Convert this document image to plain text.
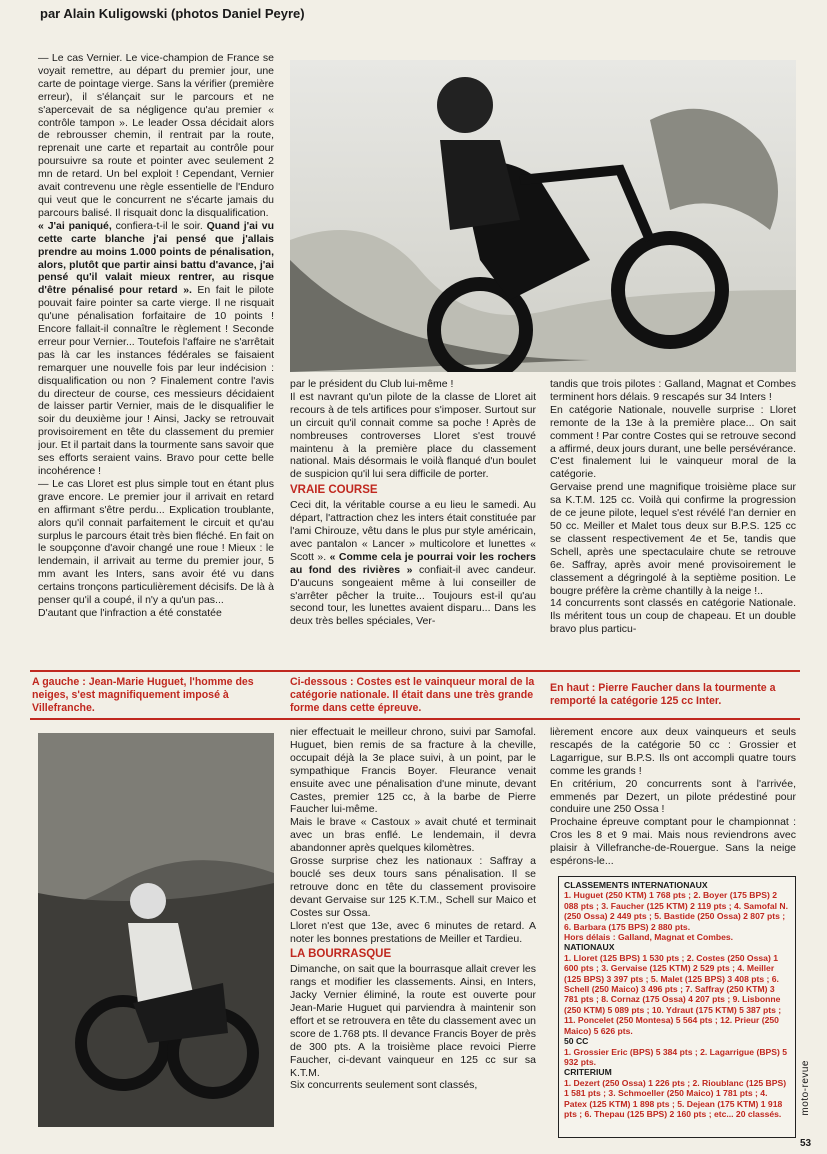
par Alain Kuligowski (photos Daniel Peyre)

— Le cas Vernier. Le vice-champion de France se voyait remettre, au départ du premier jour, une carte de pointage vierge. Sans la vérifier (première erreur), il s'élançait sur le parcours et ne s'apercevait de sa négligence qu'au premier « contrôle tampon ». Le leader Ossa décidait alors de rebrousser chemin, il rentrait par la route, reprenait une carte et repartait au contrôle pour poursuivre sa route et pointer avec seulement 2 mn de retard. Un bel exploit ! Cependant, Vernier avait contrevenu une règle essentielle de l'Enduro qui veut que le concurrent ne s'écarte jamais du parcours balisé. Il risquait donc la disqualification.

« J'ai paniqué, confiera-t-il le soir. Quand j'ai vu cette carte blanche j'ai pensé que j'allais prendre au moins 1.000 points de pénalisation, alors, plutôt que partir ainsi battu d'avance, j'ai pensé qu'il valait mieux rentrer, au risque d'être pénalisé pour retard ». En fait le pilote pouvait faire pointer sa carte vierge. Il ne risquait qu'une pénalisation forfaitaire de 10 points ! Encore fallait-il connaître le règlement ! Seconde erreur pour Vernier... Toutefois l'affaire ne s'arrêtait pas là car les instances fédérales se faisaient remarquer une nouvelle fois par leur indécision : disqualification ou non ? Finalement contre l'avis du directeur de course, ces messieurs décidaient de laisser partir Vernier, mais de le disqualifier le soir du deuxième jour ! Ainsi, Jacky se retrouvait provisoirement en tête du classement du premier jour. Et il partait dans la tourmente sans savoir que ses efforts seraient vains. Bravo pour cette belle incohérence !

— Le cas Lloret est plus simple tout en étant plus grave encore. Le premier jour il arrivait en retard en affirmant s'être perdu... Explication troublante, alors qu'il connait parfaitement le circuit et qu'au surplus le parcours était très bien fléché. En fait on le soupçonne d'avoir changé une roue ! Mieux : le lendemain, il arrivait au terme du premier jour, 5 mm avant les Inters, sans avoir été vu dans certains tronçons particulièrement décisifs. De là à penser qu'il a coupé, il n'y a qu'un pas...

D'autant que l'infraction a été constatée

par le président du Club lui-même !

Il est navrant qu'un pilote de la classe de Lloret ait recours à de tels artifices pour s'imposer. Surtout sur un circuit qu'il connait comme sa poche ! Après de nombreuses controverses Lloret s'est trouvé maintenu à la première place du classement national. Mais désormais le voilà flanqué d'un boulet de suspicion qu'il lui sera difficile de porter.

VRAIE COURSE

Ceci dit, la véritable course a eu lieu le samedi. Au départ, l'attraction chez les inters était constituée par l'ami Chirouze, vêtu dans le plus pur style américain, avec pantalon « Lancer » multicolore et lunettes « Scott ». « Comme cela je pourrai voir les rochers au fond des rivières » confiait-il avec candeur. D'aucuns songeaient même à lui conseiller de s'arrêter pêcher la truite... Toujours est-il qu'au second tour, les lunettes avaient disparu... Dans les deux très belles spéciales, Ver-

tandis que trois pilotes : Galland, Magnat et Combes terminent hors délais. 9 rescapés sur 34 Inters !

En catégorie Nationale, nouvelle surprise : Lloret remonte de la 13e à la première place... On sait comment ! Par contre Costes qui se retrouve second a affirmé, deux jours durant, une belle persévérance. C'est finalement lui le vainqueur moral de la catégorie.

Gervaise prend une magnifique troisième place sur sa K.T.M. 125 cc. Voilà qui confirme la progression de ce jeune pilote, lequel s'est révélé l'an dernier en 50 cc. Meiller et Malet tous deux sur B.P.S. 125 cc se classent respectivement 4e et 5e, tandis que Schell, après une spectaculaire chute se retrouve 6e. Saffray, après avoir mené provisoirement le classement a dégringolé à la septième position. Le bougre préfère la crème chantilly à la neige !..

14 concurrents sont classés en catégorie Nationale. Ils méritent tous un coup de chapeau. Et un double bravo plus particu-

A gauche : Jean-Marie Huguet, l'homme des neiges, s'est magnifiquement imposé à Villefranche.
Ci-dessous : Costes est le vainqueur moral de la catégorie nationale. Il était dans une très grande forme dans cette épreuve.
En haut : Pierre Faucher dans la tourmente a remporté la catégorie 125 cc Inter.

nier effectuait le meilleur chrono, suivi par Samofal. Huguet, bien remis de sa fracture à la cheville, occupait déjà la 3e place suivi, à un point, par le sympathique Francis Boyer. Fleurance venait ensuite avec une pénalisation d'une minute, devant Castes, premier 125 cc, à la barbe de Pierre Faucher lui-même.

Mais le brave « Castoux » avait chuté et terminait avec un bras enflé. Le lendemain, il devra abandonner après quelques kilomètres.

Grosse surprise chez les nationaux : Saffray a bouclé ses deux tours sans pénalisation. Il se retrouve donc en tête du classement provisoire devant Gervaise sur 125 K.T.M., Schell sur Maico et Costes sur Ossa.

Lloret n'est que 13e, avec 6 minutes de retard. A noter les bonnes prestations de Meiller et Tardieu.

LA BOURRASQUE

Dimanche, on sait que la bourrasque allait crever les rangs et modifier les classements. Ainsi, en Inters, Jacky Vernier éliminé, la route est ouverte pour Jean-Marie Huguet qui parviendra à maintenir son effort et se retrouvera en tête du classement avec un score de 1.768 pts. Il devance Francis Boyer de près de 300 pts. A la troisième place revoici Pierre Faucher, ci-devant vainqueur en 125 cc sur sa K.T.M.

Six concurrents seulement sont classés,

lièrement encore aux deux vainqueurs et seuls rescapés de la catégorie 50 cc : Grossier et Lagarrigue, sur B.P.S. Ils ont accompli quatre tours comme les grands !

En critérium, 20 concurrents sont à l'arrivée, emmenés par Dezert, un pilote prédestiné pour conduire une 250 Ossa !

Prochaine épreuve comptant pour le championnat : Cros les 8 et 9 mai. Mais nous reviendrons avec plaisir à Villefranche-de-Rouergue. Sans la neige espérons-le...

CLASSEMENTS INTERNATIONAUX
1. Huguet (250 KTM) 1 768 pts ; 2. Boyer (175 BPS) 2 088 pts ; 3. Faucher (125 KTM) 2 119 pts ; 4. Samofal N. (250 Ossa) 2 449 pts ; 5. Bastide (250 Ossa) 2 807 pts ; 6. Barbara (175 BPS) 2 880 pts.
Hors délais : Galland, Magnat et Combes.
NATIONAUX
1. Lloret (125 BPS) 1 530 pts ; 2. Costes (250 Ossa) 1 600 pts ; 3. Gervaise (125 KTM) 2 529 pts ; 4. Meiller (125 BPS) 3 397 pts ; 5. Malet (125 BPS) 3 408 pts ; 6. Schell (250 Maico) 3 496 pts ; 7. Saffray (250 KTM) 3 781 pts ; 8. Cornaz (175 Ossa) 4 207 pts ; 9. Lisbonne (250 KTM) 5 089 pts ; 10. Ydraut (175 KTM) 5 387 pts ; 11. Poncelet (250 Montesa) 5 564 pts ; 12. Prieur (250 Maico) 5 626 pts.
50 CC
1. Grossier Eric (BPS) 5 384 pts ; 2. Lagarrigue (BPS) 5 932 pts.
CRITERIUM
1. Dezert (250 Ossa) 1 226 pts ; 2. Rioublanc (125 BPS) 1 581 pts ; 3. Schmoeller (250 Maico) 1 781 pts ; 4. Patex (125 KTM) 1 898 pts ; 5. Dejean (175 KTM) 1 918 pts ; 6. Thepau (125 BPS) 2 160 pts ; etc... 20 classés.	moto-revue
53
